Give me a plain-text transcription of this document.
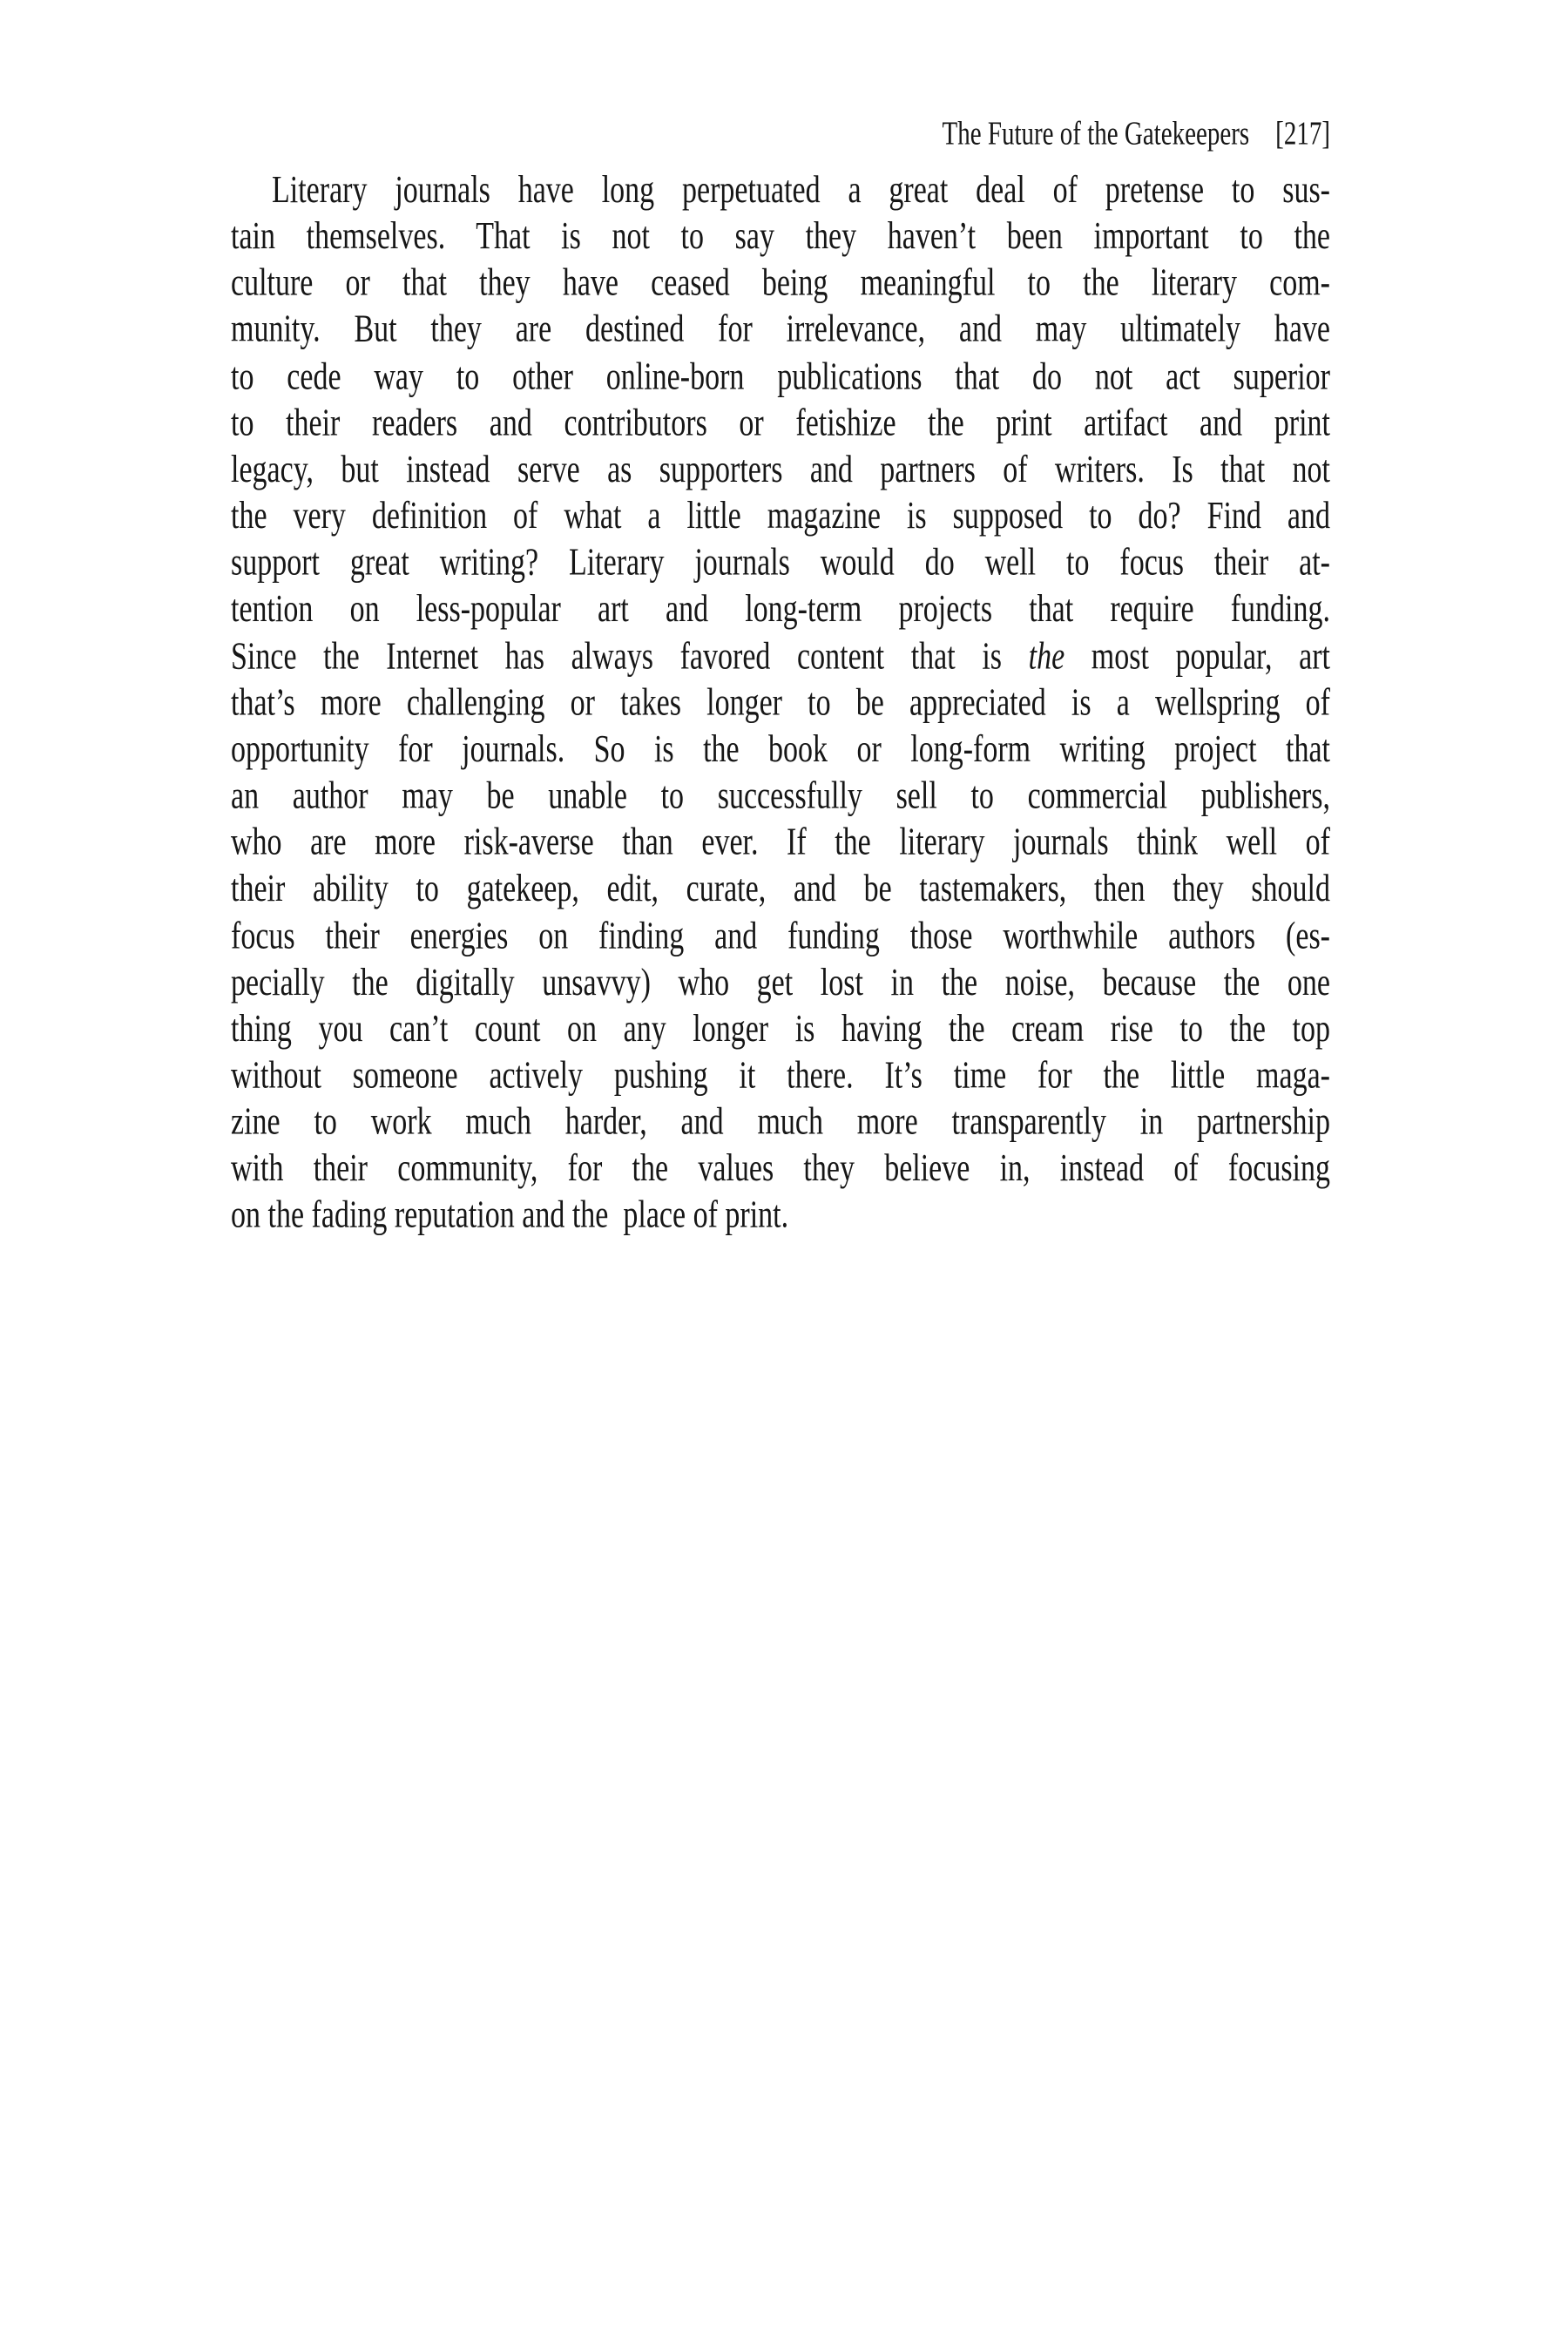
The Future of the Gatekeepers [217]
Literary journals have long perpetuated a great deal of pretense to sus-
tain themselves. That is not to say they haven’t been important to the
culture or that they have ceased being meaningful to the literary com-
munity. But they are destined for irrelevance, and may ultimately have
to cede way to other online-born publications that do not act superior
to their readers and contributors or fetishize the print artifact and print
legacy, but instead serve as supporters and partners of writers. Is that not
the very definition of what a little magazine is supposed to do? Find and
support great writing? Literary journals would do well to focus their at-
tention on less-popular art and long-term projects that require funding.
Since the Internet has always favored content that is the most popular, art
that’s more challenging or takes longer to be appreciated is a wellspring of
opportunity for journals. So is the book or long-form writing project that
an author may be unable to successfully sell to commercial publishers,
who are more risk-averse than ever. If the literary journals think well of
their ability to gatekeep, edit, curate, and be tastemakers, then they should
focus their energies on finding and funding those worthwhile authors (es-
pecially the digitally unsavvy) who get lost in the noise, because the one
thing you can’t count on any longer is having the cream rise to the top
without someone actively pushing it there. It’s time for the little maga-
zine to work much harder, and much more transparently in partnership
with their community, for the values they believe in, instead of focusing
on the fading reputation and the  place of print.
